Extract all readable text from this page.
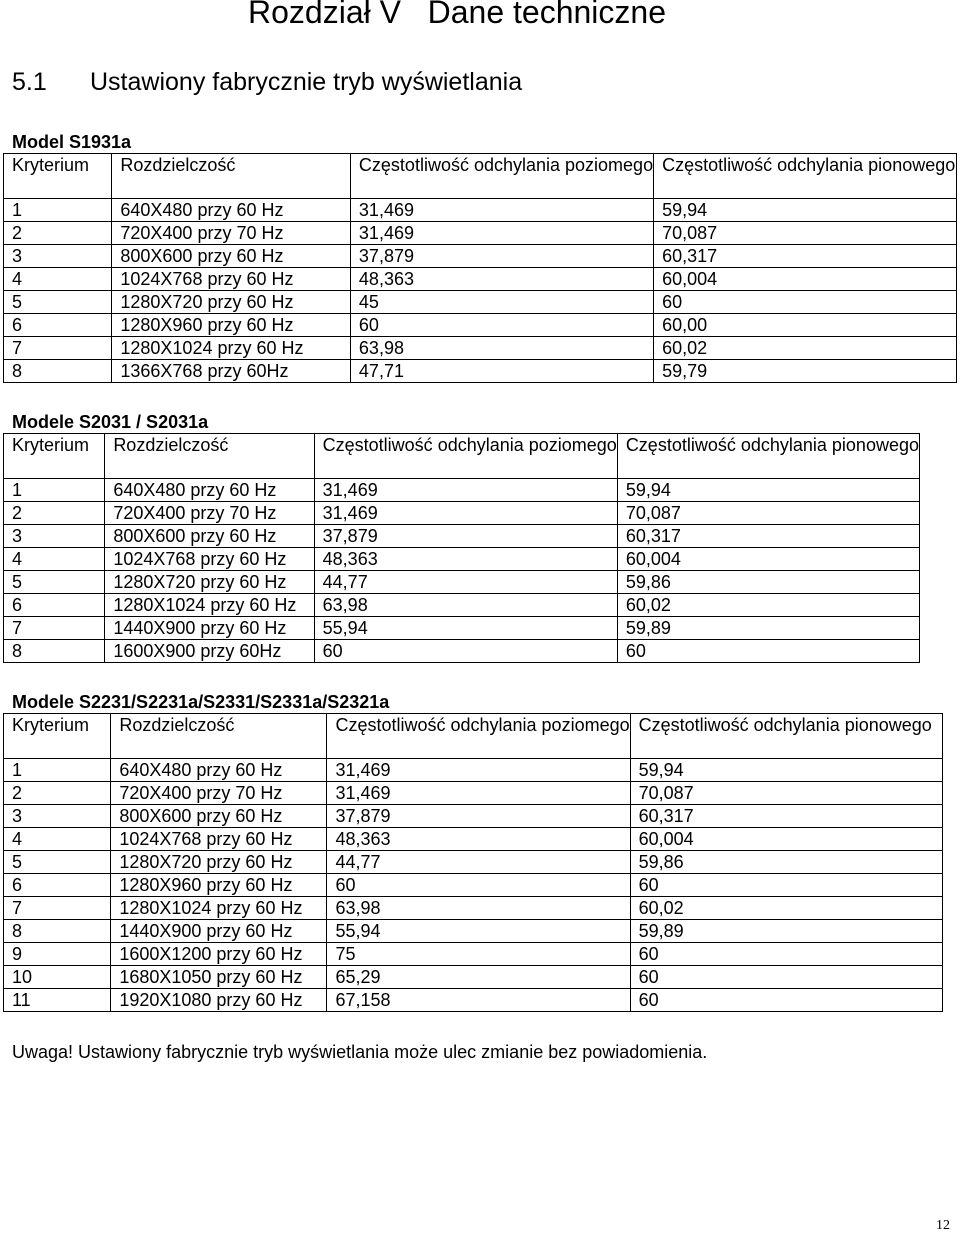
Rozdział V Dane techniczne
5.1 Ustawiony fabrycznie tryb wyświetlania
Model S1931a
Kryterium	Rozdzielczość	Częstotliwość odchylania poziomego	Częstotliwość odchylania pionowego
1	640X480 przy 60 Hz	31,469	59,94
2	720X400 przy 70 Hz	31,469	70,087
3	800X600 przy 60 Hz	37,879	60,317
4	1024X768 przy 60 Hz	48,363	60,004
5	1280X720 przy 60 Hz	45	60
6	1280X960 przy 60 Hz	60	60,00
7	1280X1024 przy 60 Hz	63,98	60,02
8	1366X768 przy 60Hz	47,71	59,79
Modele S2031 / S2031a
Kryterium	Rozdzielczość	Częstotliwość odchylania poziomego	Częstotliwość odchylania pionowego
1	640X480 przy 60 Hz	31,469	59,94
2	720X400 przy 70 Hz	31,469	70,087
3	800X600 przy 60 Hz	37,879	60,317
4	1024X768 przy 60 Hz	48,363	60,004
5	1280X720 przy 60 Hz	44,77	59,86
6	1280X1024 przy 60 Hz	63,98	60,02
7	1440X900 przy 60 Hz	55,94	59,89
8	1600X900 przy 60Hz	60	60
Modele S2231/S2231a/S2331/S2331a/S2321a
Kryterium	Rozdzielczość	Częstotliwość odchylania poziomego	Częstotliwość odchylania pionowego
1	640X480 przy 60 Hz	31,469	59,94
2	720X400 przy 70 Hz	31,469	70,087
3	800X600 przy 60 Hz	37,879	60,317
4	1024X768 przy 60 Hz	48,363	60,004
5	1280X720 przy 60 Hz	44,77	59,86
6	1280X960 przy 60 Hz	60	60
7	1280X1024 przy 60 Hz	63,98	60,02
8	1440X900 przy 60 Hz	55,94	59,89
9	1600X1200 przy 60 Hz	75	60
10	1680X1050 przy 60 Hz	65,29	60
11	1920X1080 przy 60 Hz	67,158	60
Uwaga! Ustawiony fabrycznie tryb wyświetlania może ulec zmianie bez powiadomienia.
12
